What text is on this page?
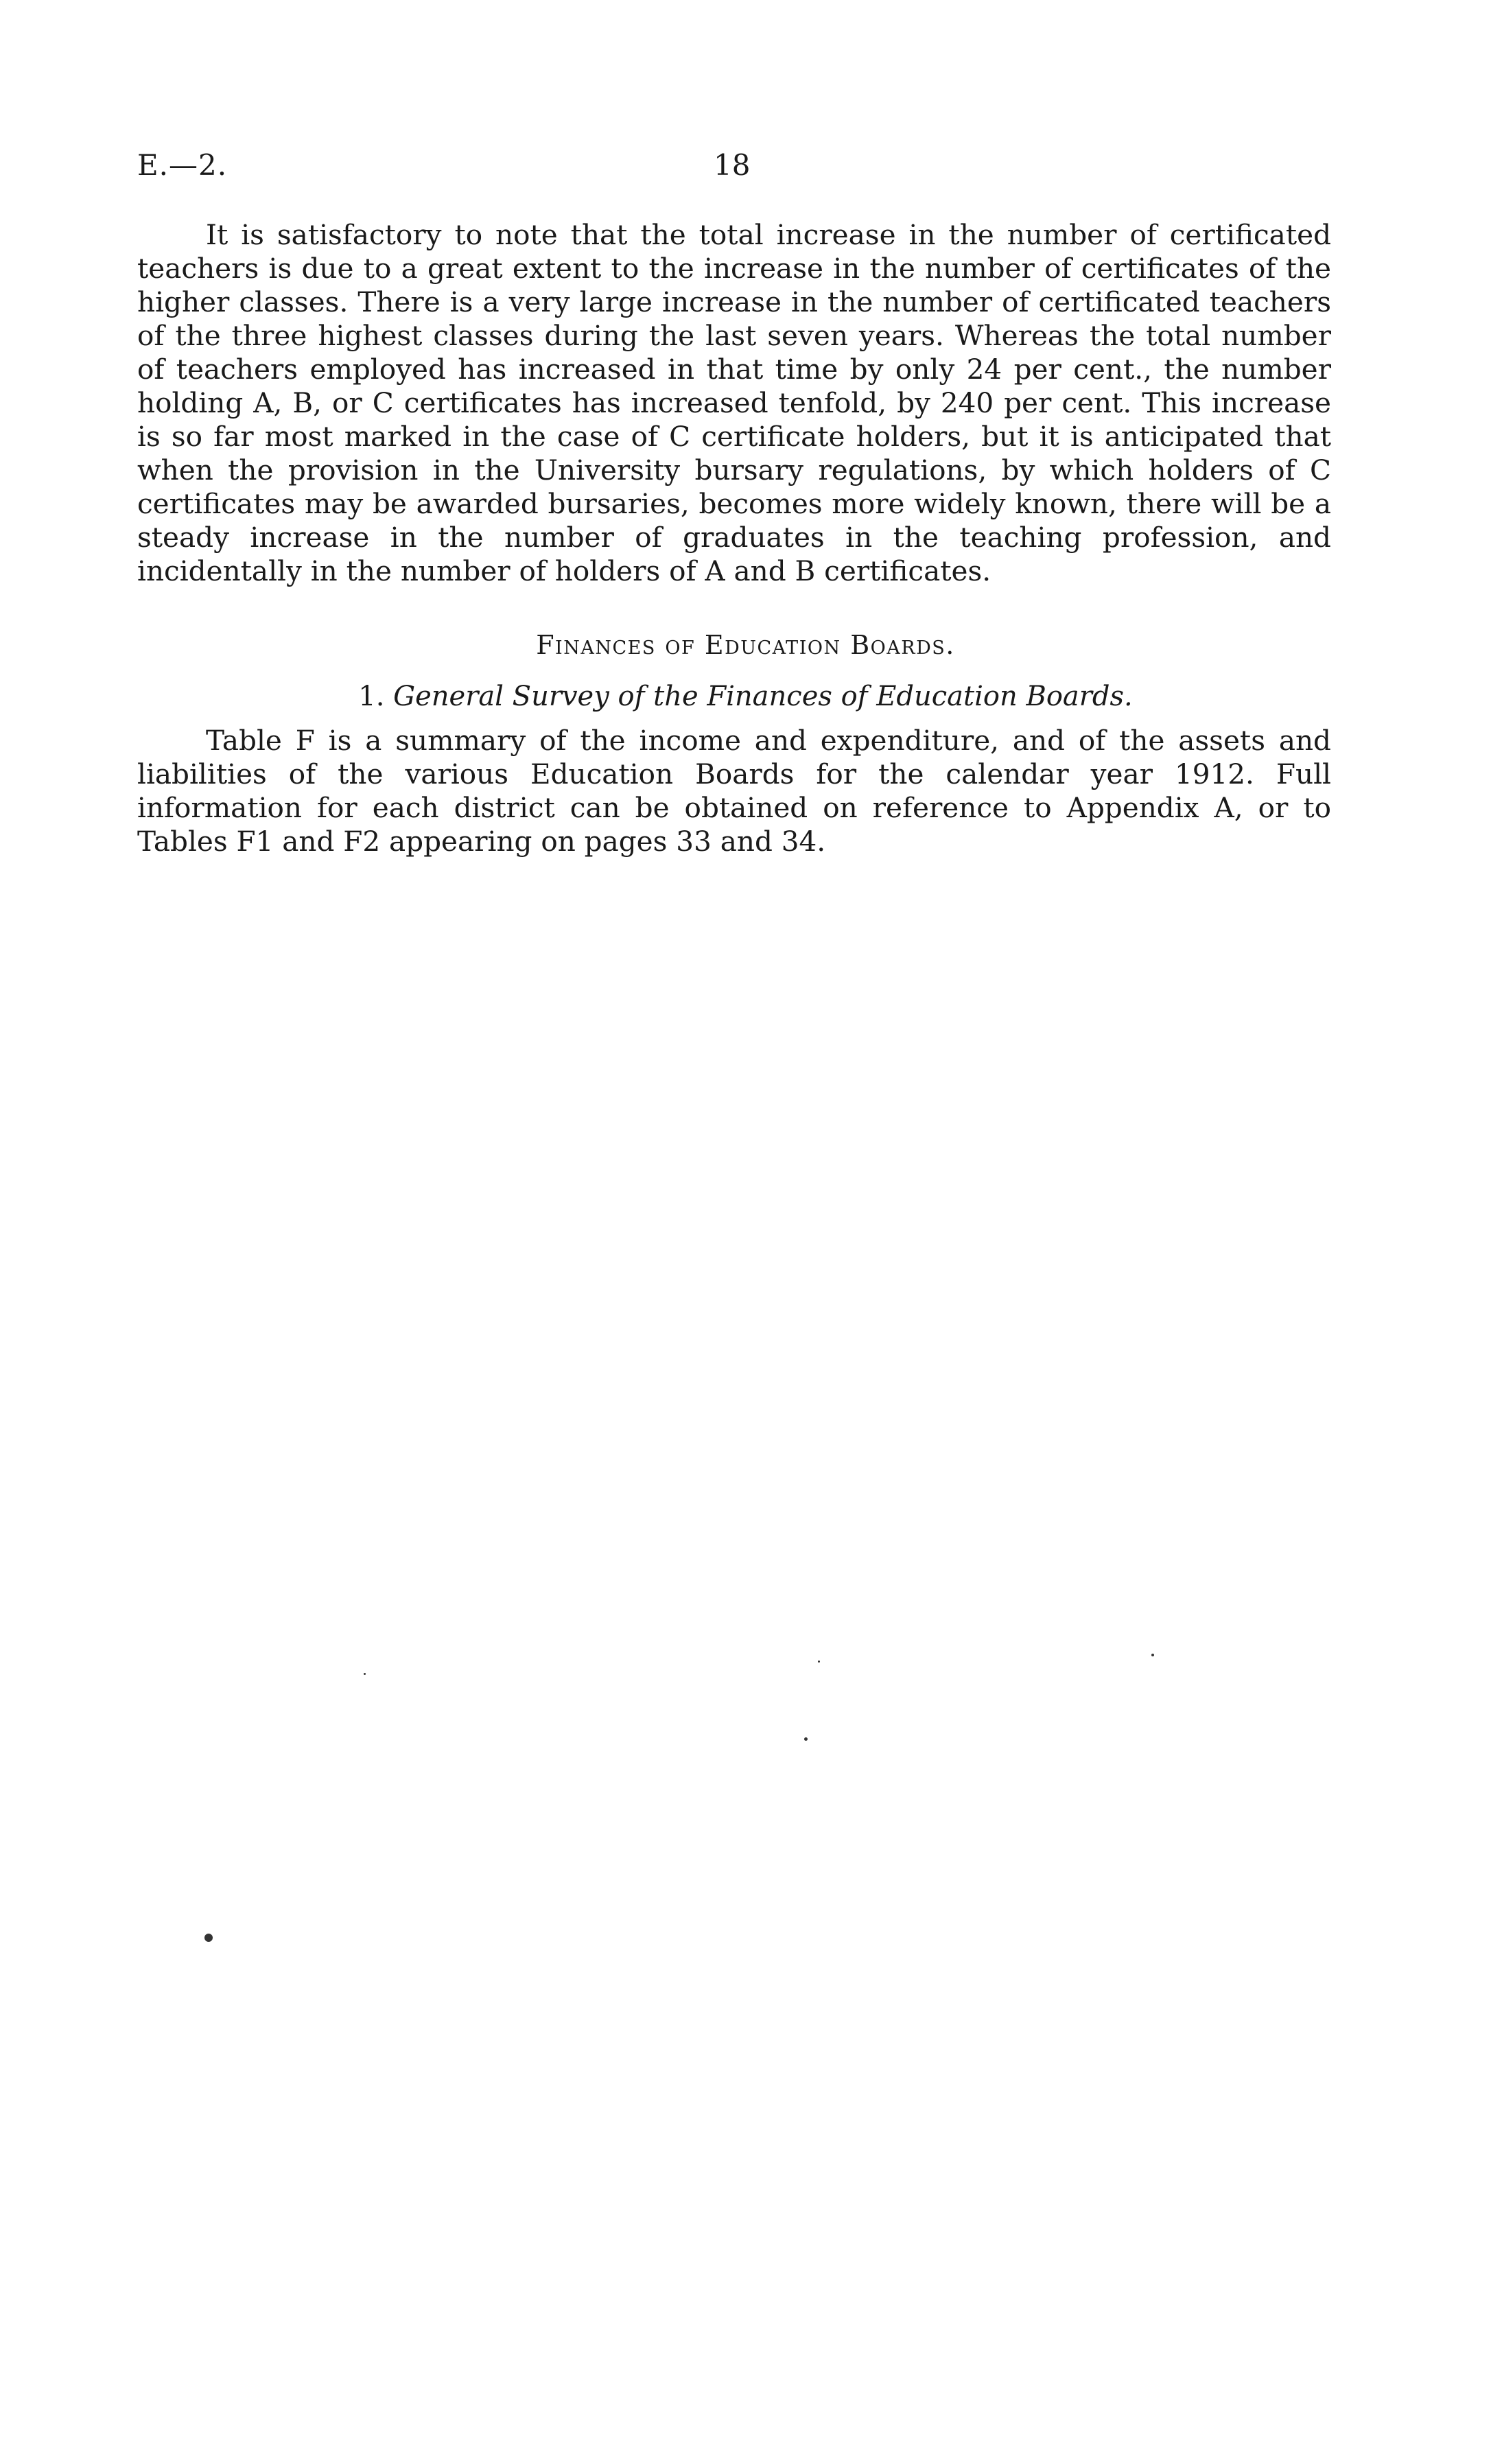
E.—2.	18

It is satisfactory to note that the total increase in the number of certificated teachers is due to a great extent to the increase in the number of certificates of the higher classes. There is a very large increase in the number of certificated teachers of the three highest classes during the last seven years. Whereas the total number of teachers employed has increased in that time by only 24 per cent., the number holding A, B, or C certificates has increased tenfold, by 240 per cent. This increase is so far most marked in the case of C certificate holders, but it is anticipated that when the provision in the University bursary regulations, by which holders of C certificates may be awarded bursaries, becomes more widely known, there will be a steady increase in the number of graduates in the teaching profession, and incidentally in the number of holders of A and B certificates.

Finances of Education Boards.
1. General Survey of the Finances of Education Boards.

Table F is a summary of the income and expenditure, and of the assets and liabilities of the various Education Boards for the calendar year 1912. Full information for each district can be obtained on reference to Appendix A, or to Tables F1 and F2 appearing on pages 33 and 34.
